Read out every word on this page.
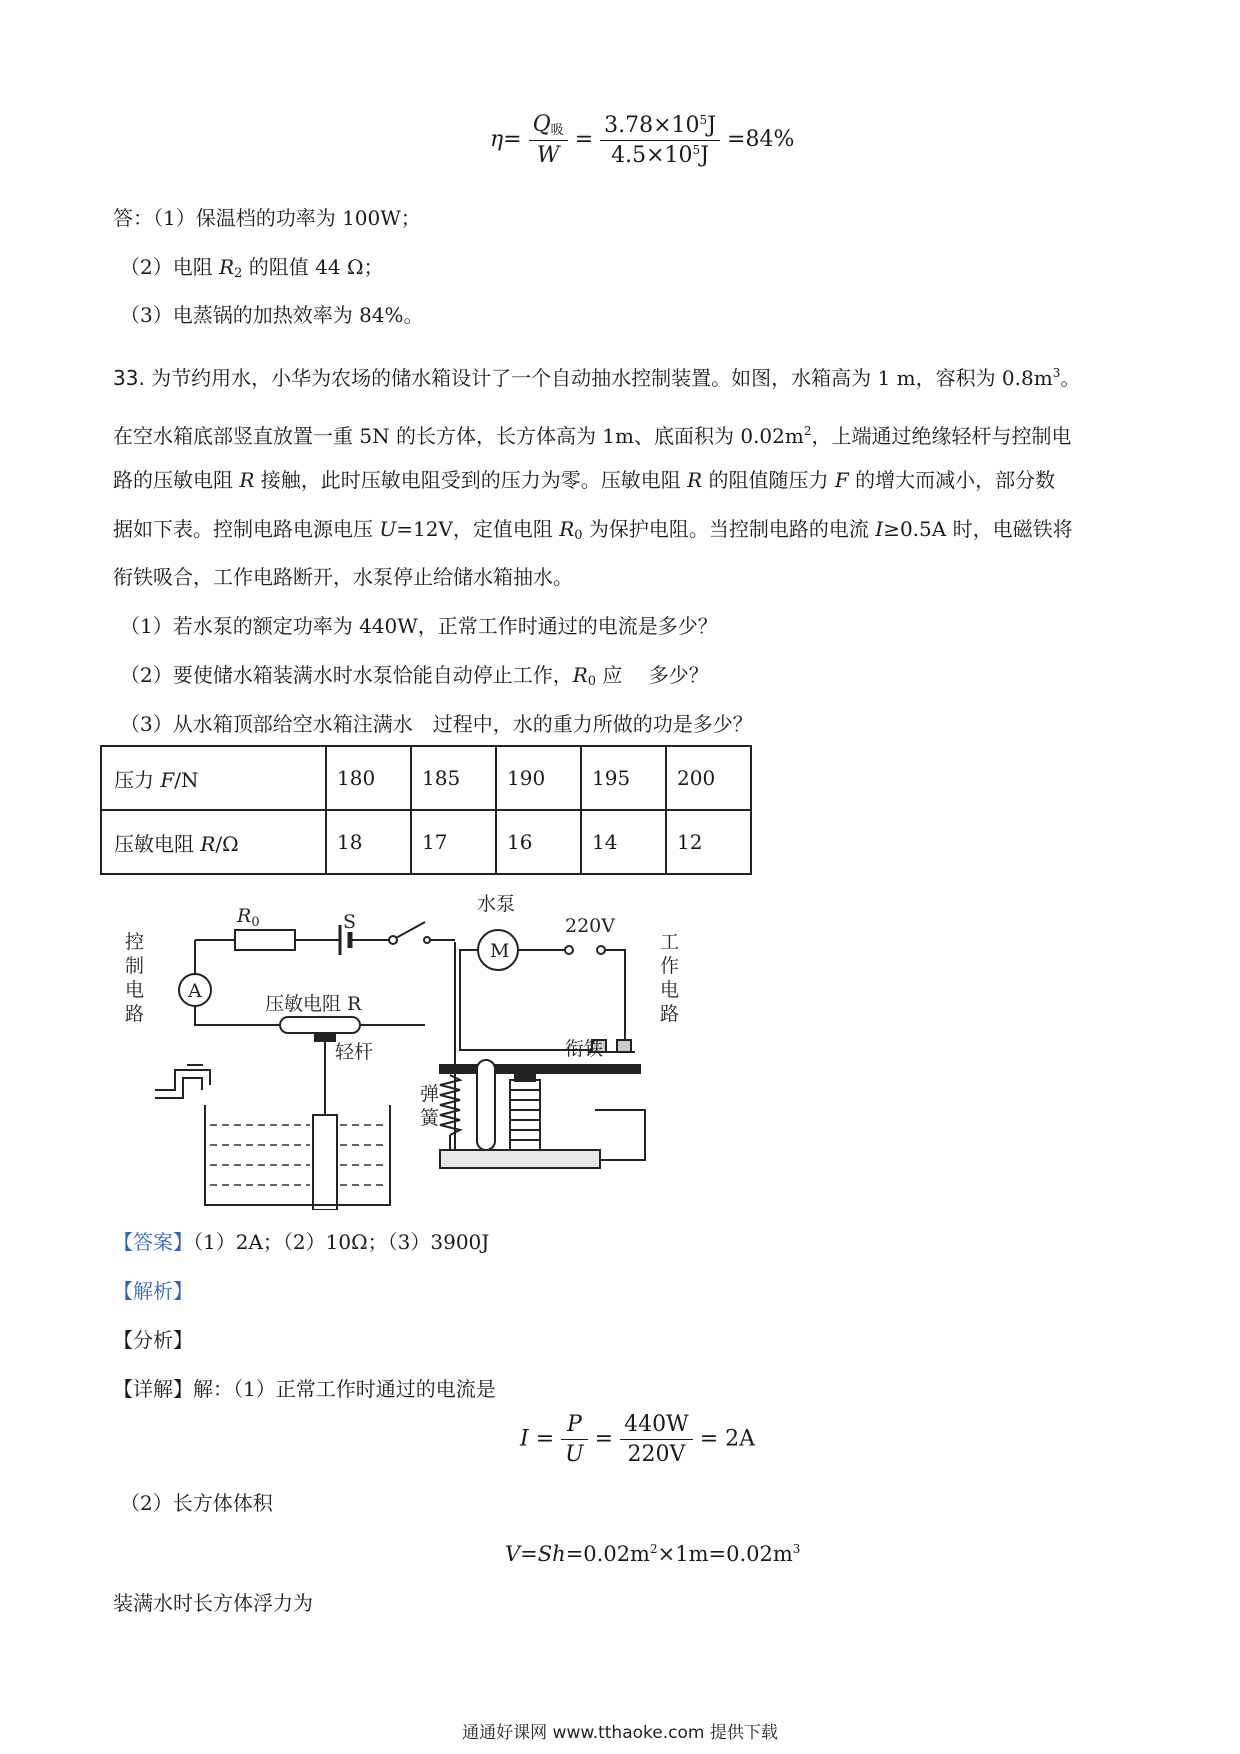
$\eta= \frac{Q_吸}{W} = \frac{3.78\times 10^5J}{4.5\times 10^5J} =84\%$
答：（1）保温档的功率为 100W；
（2）电阻 $R_2$ 的阻值 44 Ω；
（3）电蒸锅的加热效率为 84%。
33. 为节约用水，小华为农场的储水箱设计了一个自动抽水控制装置。如图，水箱高为 1 m，容积为 $0.8m^3$。
在空水箱底部竖直放置一重 5N 的长方体，长方体高为 1m、底面积为 $0.02m^2$，上端通过绝缘轻杆与控制电
路的压敏电阻 R 接触，此时压敏电阻受到的压力为零。压敏电阻 R 的阻值随压力 F 的增大而减小，部分数
据如下表。控制电路电源电压 U=12V，定值电阻 $R_0$ 为保护电阻。当控制电路的电流 I≥0.5A 时，电磁铁将
衔铁吸合，工作电路断开，水泵停止给储水箱抽水。
（1）若水泵的额定功率为 440W，正常工作时通过的电流是多少？
（2）要使储水箱装满水时水泵恰能自动停止工作，$R_0$ 应　 多少？
（3）从水箱顶部给空水箱注满水　过程中，水的重力所做的功是多少？
压力 F/N	180	185	190	195	200
压敏电阻 R/Ω	18	17	16	14	12
$R_0$	S
A
水泵
M
220V
控
制
电
路
工
作
电
路
压敏电阻 R
轻杆	衔铁
弹
簧
【答案】（1）2A；（2）10Ω；（3）3900J
【解析】
【分析】
【详解】解：（1）正常工作时通过的电流是
$I = \frac{P}{U} = \frac{440W}{220V} = 2A$
（2）长方体体积
$V=Sh=0.02m^2\times 1m=0.02m^3$
装满水时长方体浮力为
通通好课网 www.tthaoke.com 提供下载
